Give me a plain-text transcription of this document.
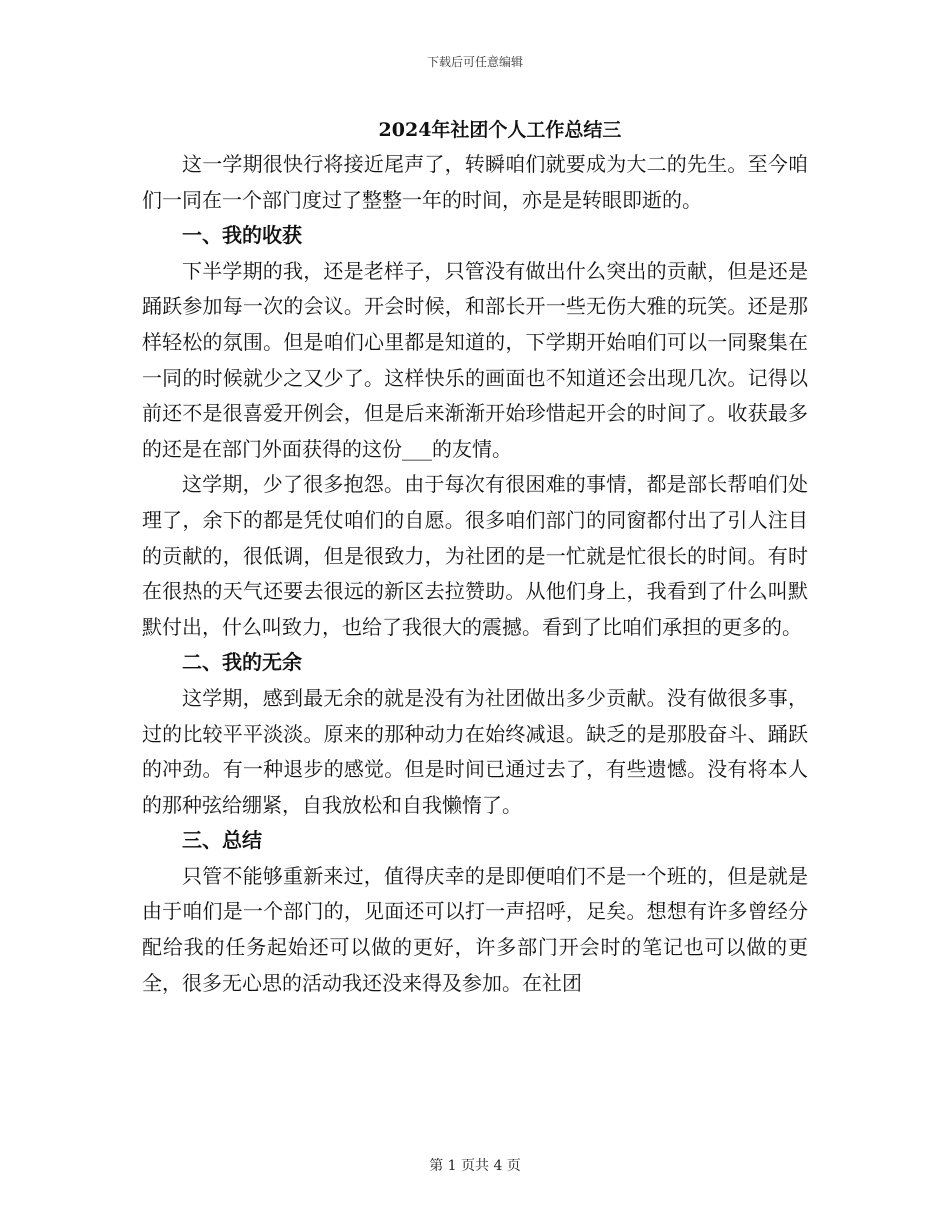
下载后可任意编辑
2024年社团个人工作总结三

这一学期很快行将接近尾声了，转瞬咱们就要成为大二的先生。至今咱们一同在一个部门度过了整整一年的时间，亦是是转眼即逝的。

一、我的收获

下半学期的我，还是老样子，只管没有做出什么突出的贡献，但是还是踊跃参加每一次的会议。开会时候，和部长开一些无伤大雅的玩笑。还是那样轻松的氛围。但是咱们心里都是知道的，下学期开始咱们可以一同聚集在一同的时候就少之又少了。这样快乐的画面也不知道还会出现几次。记得以前还不是很喜爱开例会，但是后来渐渐开始珍惜起开会的时间了。收获最多的还是在部门外面获得的这份___的友情。

这学期，少了很多抱怨。由于每次有很困难的事情，都是部长帮咱们处理了，余下的都是凭仗咱们的自愿。很多咱们部门的同窗都付出了引人注目的贡献的，很低调，但是很致力，为社团的是一忙就是忙很长的时间。有时在很热的天气还要去很远的新区去拉赞助。从他们身上，我看到了什么叫默默付出，什么叫致力，也给了我很大的震撼。看到了比咱们承担的更多的。

二、我的无余

这学期，感到最无余的就是没有为社团做出多少贡献。没有做很多事，过的比较平平淡淡。原来的那种动力在始终减退。缺乏的是那股奋斗、踊跃的冲劲。有一种退步的感觉。但是时间已通过去了，有些遗憾。没有将本人的那种弦给绷紧，自我放松和自我懒惰了。

三、总结

只管不能够重新来过，值得庆幸的是即便咱们不是一个班的，但是就是由于咱们是一个部门的，见面还可以打一声招呼，足矣。想想有许多曾经分配给我的任务起始还可以做的更好，许多部门开会时的笔记也可以做的更全，很多无心思的活动我还没来得及参加。在社团

第 1 页共 4 页
